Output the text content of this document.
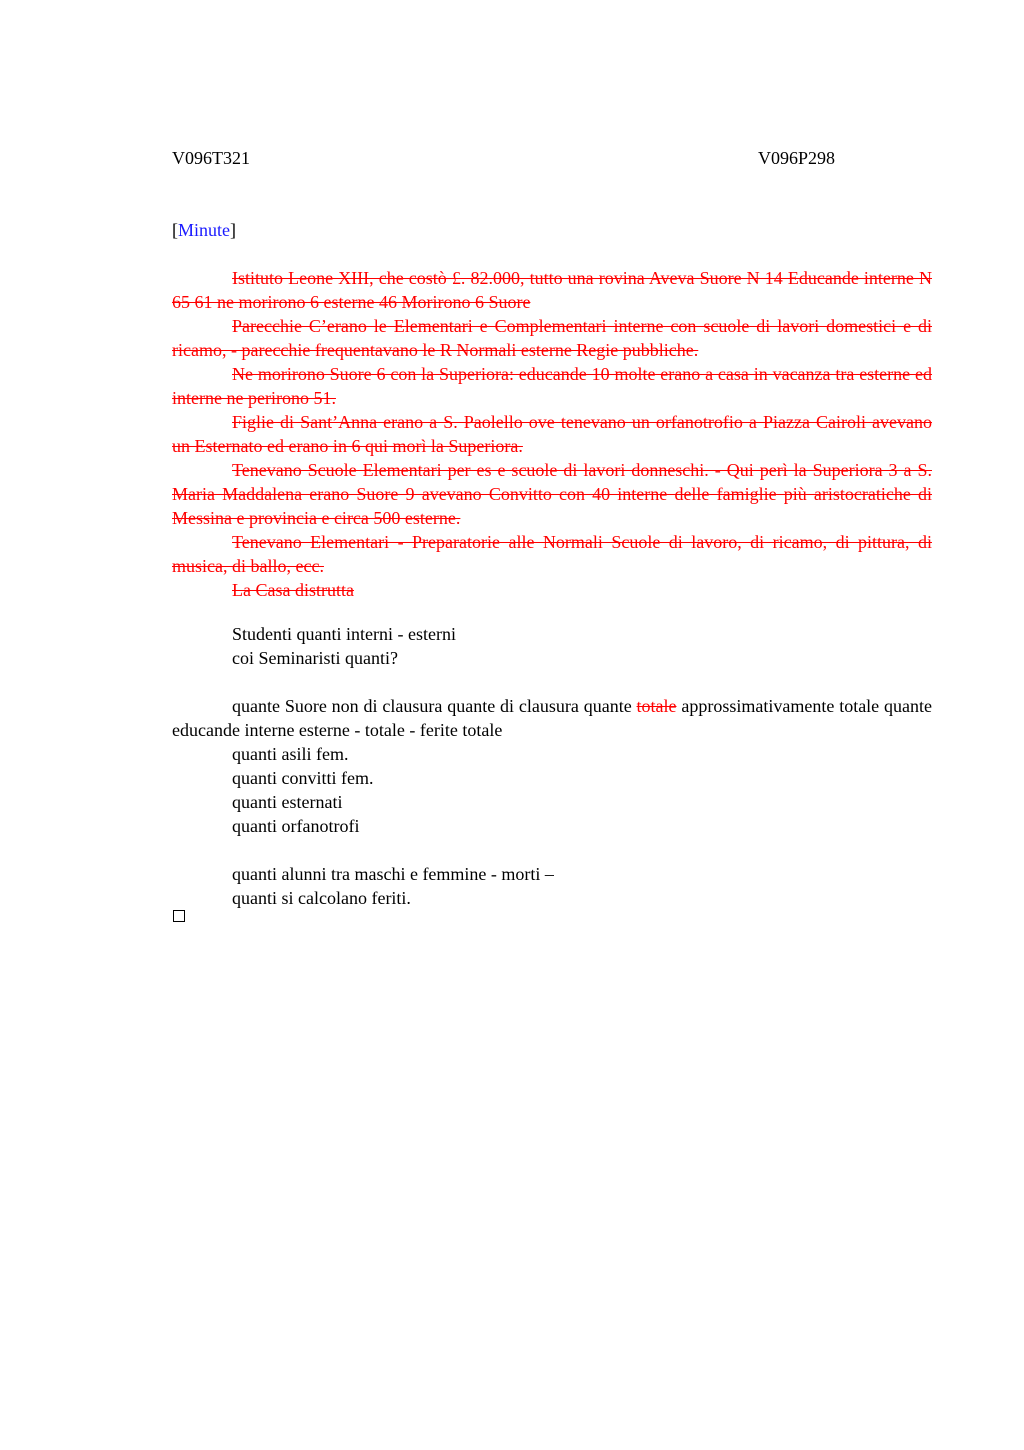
V096T321	V096P298
[Minute]

Istituto Leone XIII, che costò £. 82.000, tutto una rovina Aveva Suore N 14 Educande interne N 65 61 ne morirono 6 esterne 46 Morirono 6 Suore

Parecchie C’erano le Elementari e Complementari interne con scuole di lavori domestici e di ricamo, - parecchie frequentavano le R Normali esterne Regie pubbliche.

Ne morirono Suore 6 con la Superiora: educande 10 molte erano a casa in vacanza tra esterne ed interne ne perirono 51.

Figlie di Sant’Anna erano a S. Paolello ove tenevano un orfanotrofio a Piazza Cairoli avevano un Esternato ed erano in 6 qui morì la Superiora.

Tenevano Scuole Elementari per es e scuole di lavori donneschi. - Qui perì la Superiora 3 a S. Maria Maddalena erano Suore 9 avevano Convitto con 40 interne delle famiglie più aristocratiche di Messina e provincia e circa 500 esterne.

Tenevano Elementari - Preparatorie alle Normali Scuole di lavoro, di ricamo, di pittura, di musica, di ballo, ecc.

La Casa distrutta

Studenti quanti interni - esterni

coi Seminaristi quanti?

quante Suore non di clausura quante di clausura quante totale approssimativamente totale quante educande interne esterne - totale - ferite totale

quanti asili fem.

quanti convitti fem.

quanti esternati

quanti orfanotrofi

quanti alunni tra maschi e femmine - morti –

quanti si calcolano feriti.
